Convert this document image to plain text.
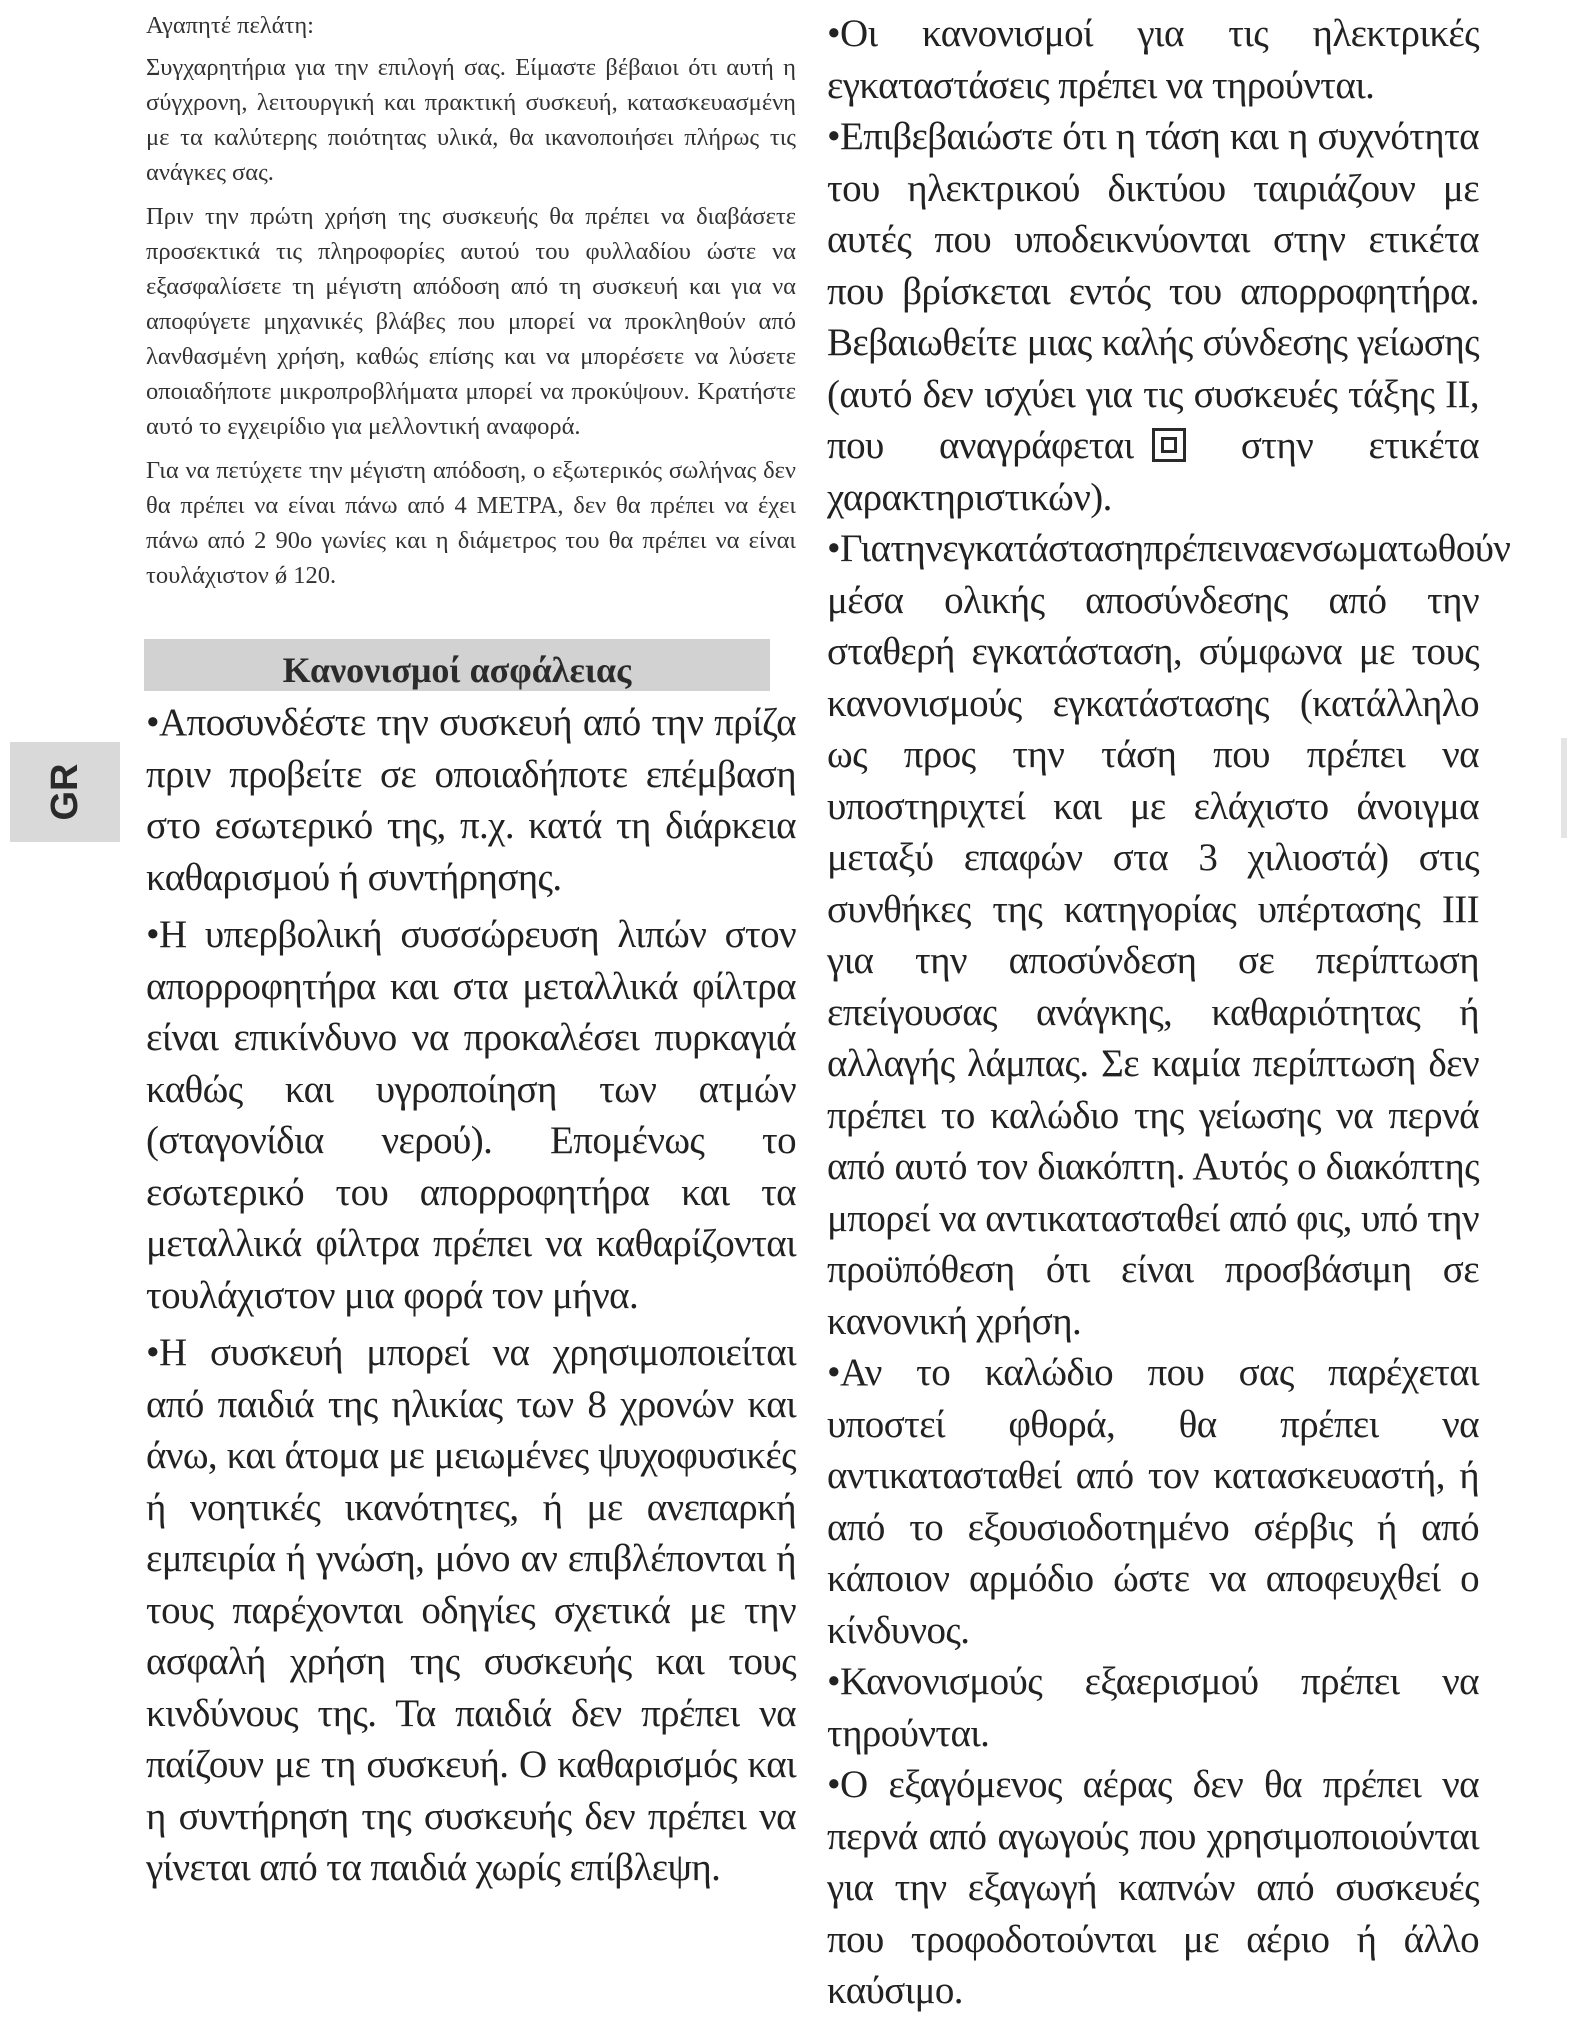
GR

Αγαπητέ πελάτη:

Συγχαρητήρια για την επιλογή σας. Είμαστε βέβαιοι ότι αυτή η σύγχρονη, λειτουργική και πρακτική συσκευή, κατασκευασμένη με τα καλύτερης ποιότητας υλικά, θα ικανοποιήσει πλήρως τις ανάγκες σας.

Πριν την πρώτη χρήση της συσκευής θα πρέπει να διαβάσετε προσεκτικά τις πληροφορίες αυτού του φυλλαδίου ώστε να εξασφαλίσετε τη μέγιστη απόδοση από τη συσκευή και για να αποφύγετε μηχανικές βλάβες που μπορεί να προκληθούν από λανθασμένη χρήση, καθώς επίσης και να μπορέσετε να λύσετε οποιαδήποτε μικροπροβλήματα μπορεί να προκύψουν. Κρατήστε αυτό το εγχειρίδιο για μελλοντική αναφορά.

Για να πετύχετε την μέγιστη απόδοση, ο εξωτερικός σωλήνας δεν θα πρέπει να είναι πάνω από 4 ΜΕΤΡΑ, δεν θα πρέπει να έχει πάνω από 2 90ο γωνίες και η διάμετρος του θα πρέπει να είναι τουλάχιστον ǿ 120.

Κανονισμοί ασφάλειας

•Αποσυνδέστε την συσκευή από την πρίζα πριν προβείτε σε οποιαδήποτε επέμβαση στο εσωτερικό της, π.χ. κατά τη διάρκεια καθαρισμού ή συντήρησης.

•Η υπερβολική συσσώρευση λιπών στον απορροφητήρα και στα μεταλλικά φίλτρα είναι επικίνδυνο να προκαλέσει πυρκαγιά καθώς και υγροποίηση των ατμών (σταγονίδια νερού). Επομένως το εσωτερικό του απορροφητήρα και τα μεταλλικά φίλτρα πρέπει να καθαρίζονται τουλάχιστον μια φορά τον μήνα.

•Η συσκευή μπορεί να χρησιμοποιείται από παιδιά της ηλικίας των 8 χρονών και άνω, και άτομα με μειωμένες ψυχοφυσικές ή νοητικές ικανότητες, ή με ανεπαρκή εμπειρία ή γνώση, μόνο αν επιβλέπονται ή τους παρέχονται οδηγίες σχετικά με την ασφαλή χρήση της συσκευής και τους κινδύνους της. Τα παιδιά δεν πρέπει να παίζουν με τη συσκευή. Ο καθαρισμός και η συντήρηση της συσκευής δεν πρέπει να γίνεται από τα παιδιά χωρίς επίβλεψη.

•Οι κανονισμοί για τις ηλεκτρικές εγκαταστάσεις πρέπει να τηρούνται.

•Επιβεβαιώστε ότι η τάση και η συχνότητα του ηλεκτρικού δικτύου ταιριάζουν με αυτές που υποδεικνύονται στην ετικέτα που βρίσκεται εντός του απορροφητήρα. Βεβαιωθείτε μιας καλής σύνδεσης γείωσης (αυτό δεν ισχύει για τις συσκευές τάξης II, που αναγράφεται	στην ετικέτα χαρακτηριστικών).

•Γιατηνεγκατάστασηπρέπειναενσωματωθούν μέσα ολικής αποσύνδεσης από την σταθερή εγκατάσταση, σύμφωνα με τους κανονισμούς εγκατάστασης (κατάλληλο ως προς την τάση που πρέπει να υποστηριχτεί και με ελάχιστο άνοιγμα μεταξύ επαφών στα 3 χιλιοστά) στις συνθήκες της κατηγορίας υπέρτασης III για την αποσύνδεση σε περίπτωση επείγουσας ανάγκης, καθαριότητας ή αλλαγής λάμπας. Σε καμία περίπτωση δεν πρέπει το καλώδιο της γείωσης να περνά από αυτό τον διακόπτη. Αυτός ο διακόπτης μπορεί να αντικατασταθεί από φις, υπό την προϋπόθεση ότι είναι προσβάσιμη σε κανονική χρήση.

•Αν το καλώδιο που σας παρέχεται υποστεί φθορά, θα πρέπει να αντικατασταθεί από τον κατασκευαστή, ή από το εξουσιοδοτημένο σέρβις ή από κάποιον αρμόδιο ώστε να αποφευχθεί ο κίνδυνος.

•Κανονισμούς εξαερισμού πρέπει να τηρούνται.

•Ο εξαγόμενος αέρας δεν θα πρέπει να περνά από αγωγούς που χρησιμοποιούνται για την εξαγωγή καπνών από συσκευές που τροφοδοτούνται με αέριο ή άλλο καύσιμο.
